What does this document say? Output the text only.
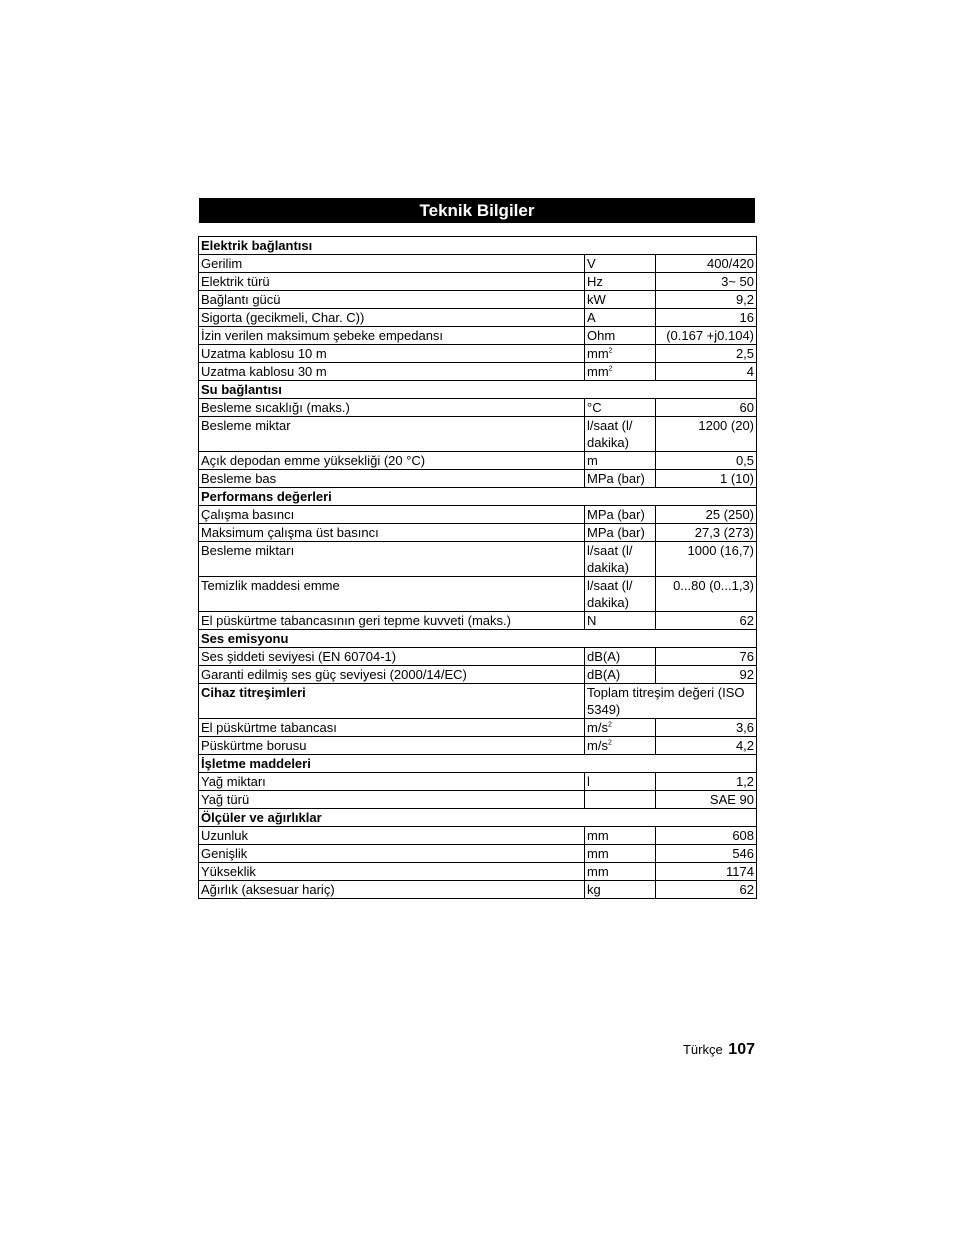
Teknik Bilgiler
Elektrik bağlantısı		
Gerilim	V	400/420
Elektrik türü	Hz	3~ 50
Bağlantı gücü	kW	9,2
Sigorta (gecikmeli, Char. C))	A	16
İzin verilen maksimum şebeke empedansı	Ohm	(0.167 +j0.104)
Uzatma kablosu 10 m	$mm^2$	2,5
Uzatma kablosu 30 m	$mm^2$	4
Su bağlantısı		
Besleme sıcaklığı (maks.)	°C	60
Besleme miktar	l/saat (l/ dakika)	1200 (20)
Açık depodan emme yüksekliği (20 °C)	m	0,5
Besleme bas	MPa (bar)	1 (10)
Performans değerleri		
Çalışma basıncı	MPa (bar)	25 (250)
Maksimum çalışma üst basıncı	MPa (bar)	27,3 (273)
Besleme miktarı	l/saat (l/ dakika)	1000 (16,7)
Temizlik maddesi emme	l/saat (l/ dakika)	0...80 (0...1,3)
El püskürtme tabancasının geri tepme kuvveti (maks.)	N	62
Ses emisyonu		
Ses şiddeti seviyesi (EN 60704-1)	dB(A)	76
Garanti edilmiş ses güç seviyesi (2000/14/EC)	dB(A)	92
Cihaz titreşimleri	Toplam titreşim değeri (ISO 5349)	
El püskürtme tabancası	$m/s^2$	3,6
Püskürtme borusu	$m/s^2$	4,2
İşletme maddeleri		
Yağ miktarı	l	1,2
Yağ türü		SAE 90
Ölçüler ve ağırlıklar		
Uzunluk	mm	608
Genişlik	mm	546
Yükseklik	mm	1174
Ağırlık (aksesuar hariç)	kg	62
Türkçe 107
